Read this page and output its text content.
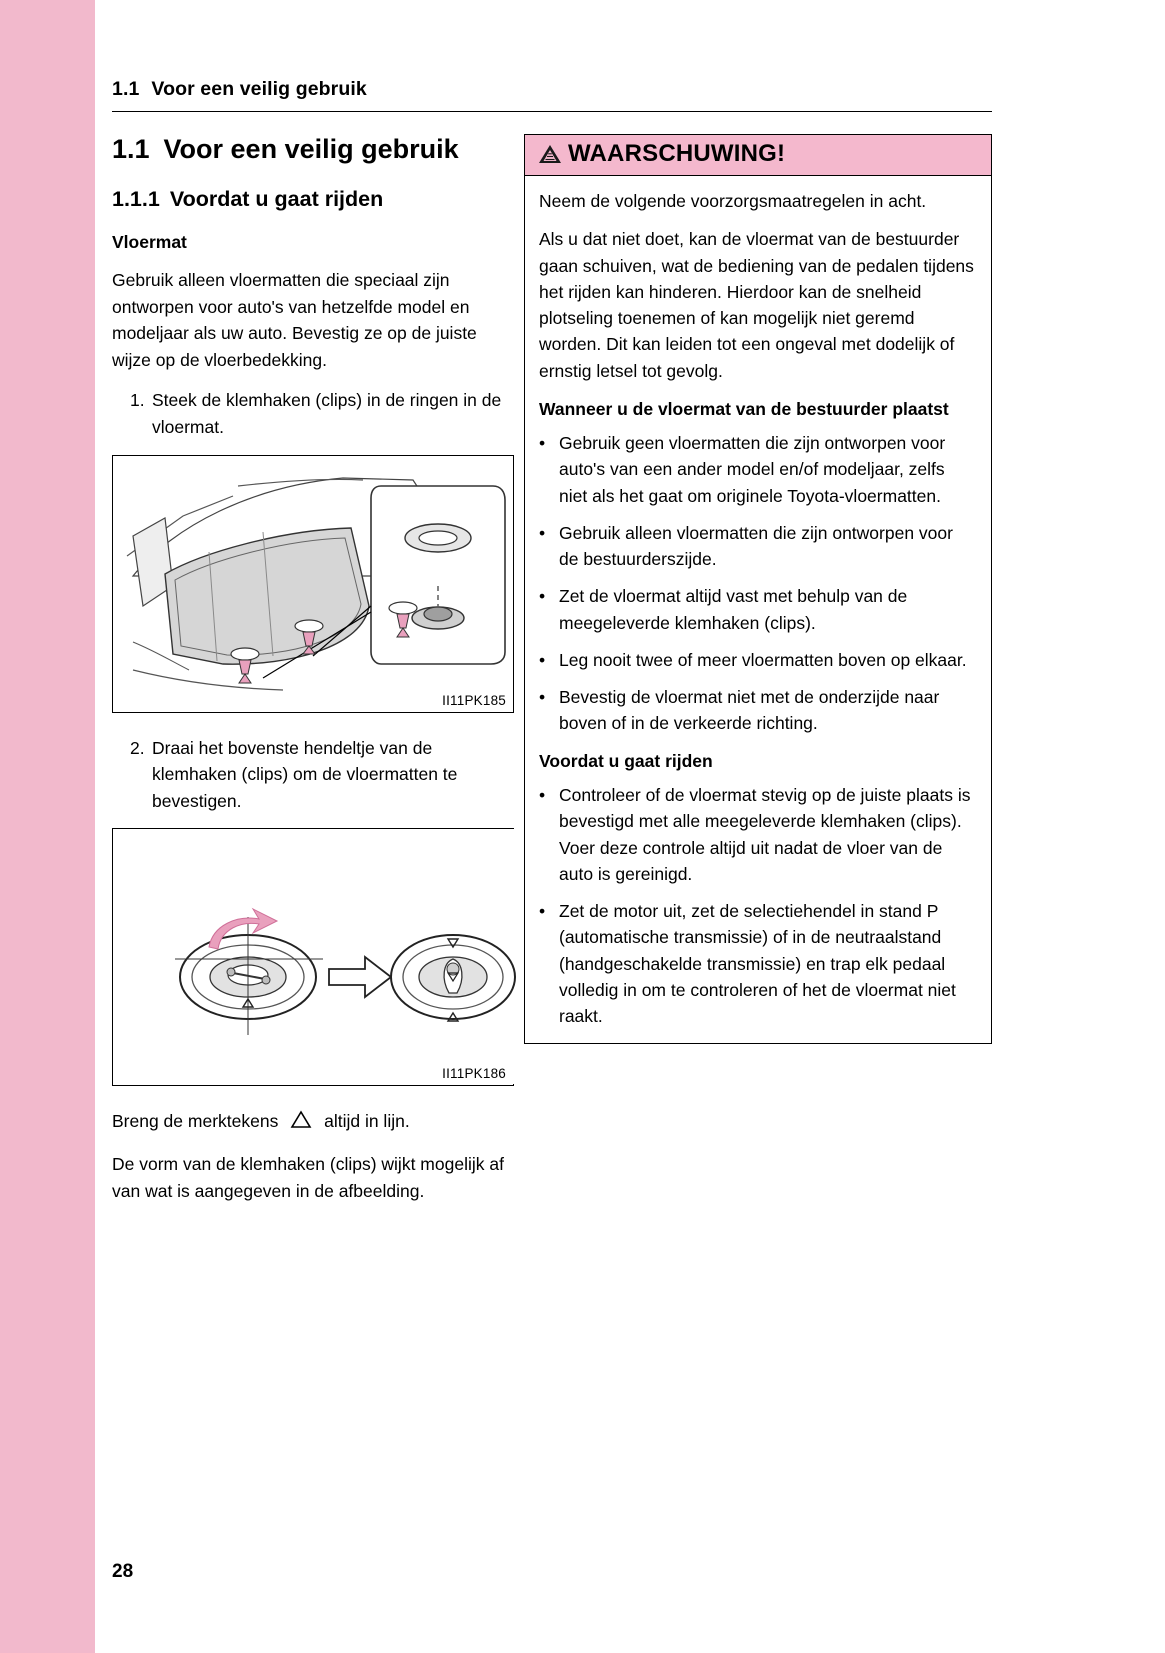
1.1 Voor een veilig gebruik
1.1 Voor een veilig gebruik
1.1.1 Voordat u gaat rijden
Vloermat

Gebruik alleen vloermatten die speciaal zijn ontworpen voor auto's van hetzelfde model en modeljaar als uw auto. Bevestig ze op de juiste wijze op de vloerbedekking.

1. Steek de klemhaken (clips) in de ringen in de vloermat.
II11PK185
2. Draai het bovenste hendeltje van de klemhaken (clips) om de vloermatten te bevestigen.
II11PK186

Breng de merktekens	altijd in lijn.

De vorm van de klemhaken (clips) wijkt mogelijk af van wat is aangegeven in de afbeelding.

WAARSCHUWING!

Neem de volgende voorzorgsmaatregelen in acht.

Als u dat niet doet, kan de vloermat van de bestuurder gaan schuiven, wat de bediening van de pedalen tijdens het rijden kan hinderen. Hierdoor kan de snelheid plotseling toenemen of kan mogelijk niet geremd worden. Dit kan leiden tot een ongeval met dodelijk of ernstig letsel tot gevolg.

Wanneer u de vloermat van de bestuurder plaatst
• Gebruik geen vloermatten die zijn ontworpen voor auto's van een ander model en/of modeljaar, zelfs niet als het gaat om originele Toyota-vloermatten.
• Gebruik alleen vloermatten die zijn ontworpen voor de bestuurderszijde.
• Zet de vloermat altijd vast met behulp van de meegeleverde klemhaken (clips).
• Leg nooit twee of meer vloermatten boven op elkaar.
• Bevestig de vloermat niet met de onderzijde naar boven of in de verkeerde richting.
Voordat u gaat rijden
• Controleer of de vloermat stevig op de juiste plaats is bevestigd met alle meegeleverde klemhaken (clips). Voer deze controle altijd uit nadat de vloer van de auto is gereinigd.
• Zet de motor uit, zet de selectiehendel in stand P (automatische transmissie) of in de neutraalstand (handgeschakelde transmissie) en trap elk pedaal volledig in om te controleren of het de vloermat niet raakt.
28
